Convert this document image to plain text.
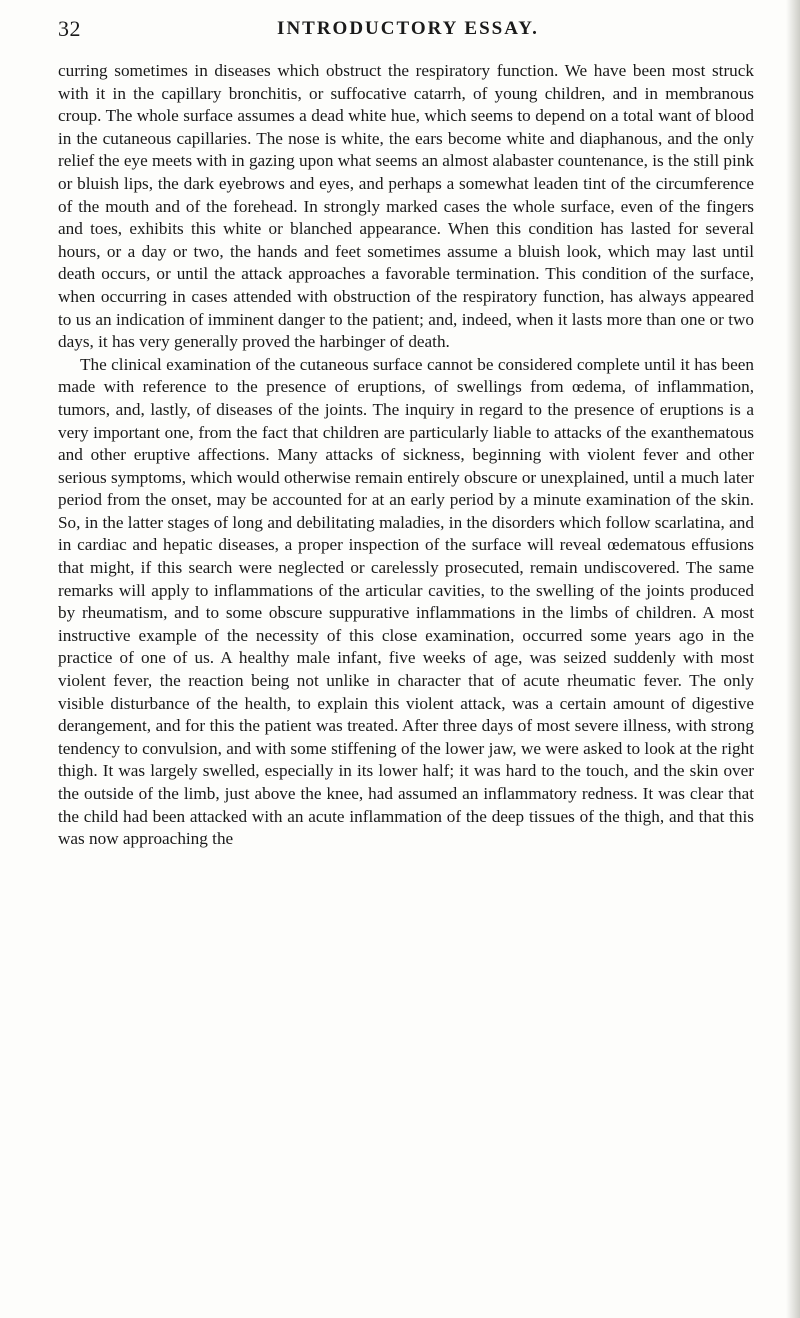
32	INTRODUCTORY ESSAY.

curring sometimes in diseases which obstruct the respiratory function. We have been most struck with it in the capillary bronchitis, or suffocative catarrh, of young children, and in membranous croup. The whole surface assumes a dead white hue, which seems to depend on a total want of blood in the cutaneous capillaries. The nose is white, the ears become white and diaphanous, and the only relief the eye meets with in gazing upon what seems an almost alabaster countenance, is the still pink or bluish lips, the dark eyebrows and eyes, and perhaps a somewhat leaden tint of the circumference of the mouth and of the forehead. In strongly marked cases the whole surface, even of the fingers and toes, exhibits this white or blanched appearance. When this condition has lasted for several hours, or a day or two, the hands and feet sometimes assume a bluish look, which may last until death occurs, or until the attack approaches a favorable termination. This condition of the surface, when occurring in cases attended with obstruction of the respiratory function, has always appeared to us an indication of imminent danger to the patient; and, indeed, when it lasts more than one or two days, it has very generally proved the harbinger of death.

The clinical examination of the cutaneous surface cannot be considered complete until it has been made with reference to the presence of eruptions, of swellings from œdema, of inflammation, tumors, and, lastly, of diseases of the joints. The inquiry in regard to the presence of eruptions is a very important one, from the fact that children are particularly liable to attacks of the exanthematous and other eruptive affections. Many attacks of sickness, beginning with violent fever and other serious symptoms, which would otherwise remain entirely obscure or unexplained, until a much later period from the onset, may be accounted for at an early period by a minute examination of the skin. So, in the latter stages of long and debilitating maladies, in the disorders which follow scarlatina, and in cardiac and hepatic diseases, a proper inspection of the surface will reveal œdematous effusions that might, if this search were neglected or carelessly prosecuted, remain undiscovered. The same remarks will apply to inflammations of the articular cavities, to the swelling of the joints produced by rheumatism, and to some obscure suppurative inflammations in the limbs of children. A most instructive example of the necessity of this close examination, occurred some years ago in the practice of one of us. A healthy male infant, five weeks of age, was seized suddenly with most violent fever, the reaction being not unlike in character that of acute rheumatic fever. The only visible disturbance of the health, to explain this violent attack, was a certain amount of digestive derangement, and for this the patient was treated. After three days of most severe illness, with strong tendency to convulsion, and with some stiffening of the lower jaw, we were asked to look at the right thigh. It was largely swelled, especially in its lower half; it was hard to the touch, and the skin over the outside of the limb, just above the knee, had assumed an inflammatory redness. It was clear that the child had been attacked with an acute inflammation of the deep tissues of the thigh, and that this was now approaching the
